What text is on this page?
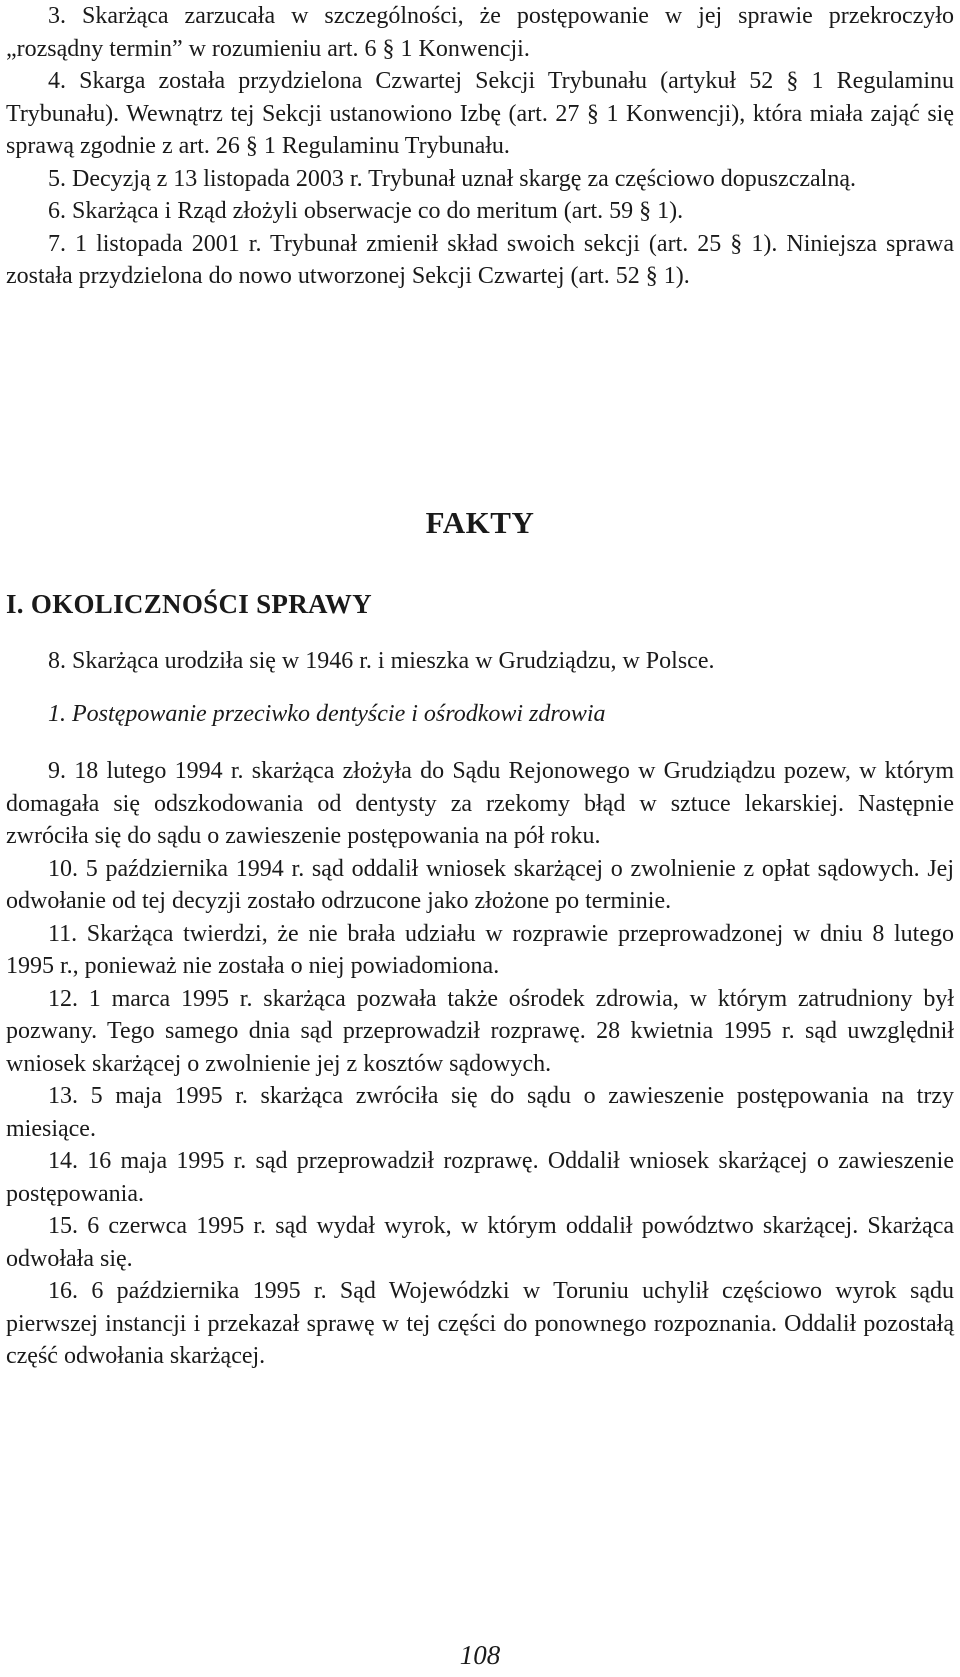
3. Skarżąca zarzucała w szczególności, że postępowanie w jej sprawie przekroczyło „rozsądny termin” w rozumieniu art. 6 § 1 Konwencji.

4. Skarga została przydzielona Czwartej Sekcji Trybunału (artykuł 52 § 1 Regulaminu Trybunału). Wewnątrz tej Sekcji ustanowiono Izbę (art. 27 § 1 Konwencji), która miała zająć się sprawą zgodnie z art. 26 § 1 Regulaminu Trybunału.

5. Decyzją z 13 listopada 2003 r. Trybunał uznał skargę za częściowo dopuszczalną.

6. Skarżąca i Rząd złożyli obserwacje co do meritum (art. 59 § 1).

7. 1 listopada 2001 r. Trybunał zmienił skład swoich sekcji (art. 25 § 1). Niniejsza sprawa została przydzielona do nowo utworzonej Sekcji Czwartej (art. 52 § 1).

FAKTY
I. OKOLICZNOŚCI SPRAWY

8. Skarżąca urodziła się w 1946 r. i mieszka w Grudziądzu, w Polsce.

1. Postępowanie przeciwko dentyście i ośrodkowi zdrowia

9. 18 lutego 1994 r. skarżąca złożyła do Sądu Rejonowego w Grudziądzu pozew, w którym domagała się odszkodowania od dentysty za rzekomy błąd w sztuce lekarskiej. Następnie zwróciła się do sądu o zawieszenie postępowania na pół roku.

10. 5 października 1994 r. sąd oddalił wniosek skarżącej o zwolnienie z opłat sądowych. Jej odwołanie od tej decyzji zostało odrzucone jako złożone po terminie.

11. Skarżąca twierdzi, że nie brała udziału w rozprawie przeprowadzonej w dniu 8 lutego 1995 r., ponieważ nie została o niej powiadomiona.

12. 1 marca 1995 r. skarżąca pozwała także ośrodek zdrowia, w którym zatrudniony był pozwany. Tego samego dnia sąd przeprowadził rozprawę. 28 kwietnia 1995 r. sąd uwzględnił wniosek skarżącej o zwolnienie jej z kosztów sądowych.

13. 5 maja 1995 r. skarżąca zwróciła się do sądu o zawieszenie postępowania na trzy miesiące.

14. 16 maja 1995 r. sąd przeprowadził rozprawę. Oddalił wniosek skarżącej o zawieszenie postępowania.

15. 6 czerwca 1995 r. sąd wydał wyrok, w którym oddalił powództwo skarżącej. Skarżąca odwołała się.

16. 6 października 1995 r. Sąd Wojewódzki w Toruniu uchylił częściowo wyrok sądu pierwszej instancji i przekazał sprawę w tej części do ponownego rozpoznania. Oddalił pozostałą część odwołania skarżącej.

108
